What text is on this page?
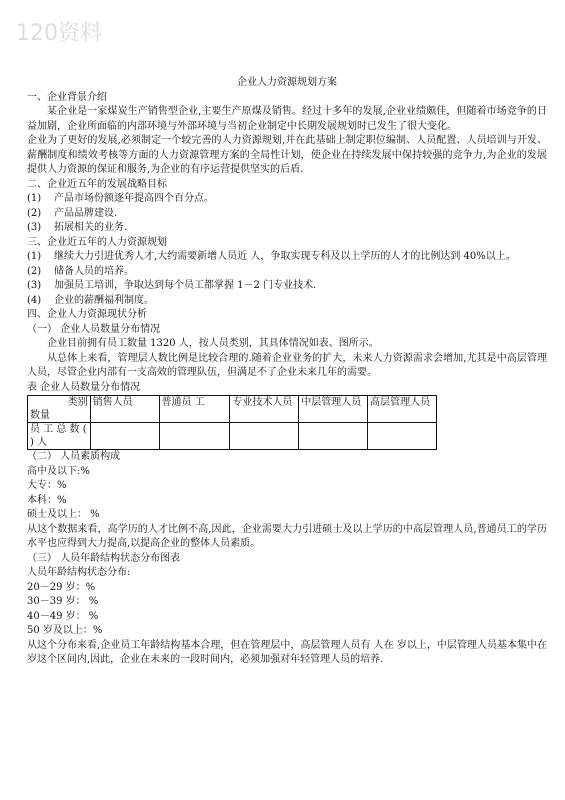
120资料
企业人力资源规划方案
一、企业背景介绍
某企业是一家煤炭生产销售型企业,主要生产原煤及销售。经过十多年的发展,企业业绩颇佳，但随着市场竞争的日益加剧，企业所面临的内部环境与外部环境与当初企业制定中长期发展规划时已发生了很大变化。
企业为了更好的发展,必须制定一个较完善的人力资源规划,并在此基础上制定职位编制、人员配置、人员培训与开发、薪酬制度和绩效考核等方面的人力资源管理方案的全局性计划，使企业在持续发展中保持较强的竞争力,为企业的发展提供人力资源的保证和服务,为企业的有序运营提供坚实的后盾.
二、企业近五年的发展战略目标
(1)	产品市场份额逐年提高四个百分点。
(2)	产品品牌建设.
(3)	拓展相关的业务.
三、企业近五年的人力资源规划
(1)	继续大力引进优秀人才,大约需要新增人员近 人，争取实现专科及以上学历的人才的比例达到 40%以上。
(2)	储备人员的培养。
(3)	加强员工培训，争取达到每个员工都掌握 1－2 门专业技术.
(4)	企业的薪酬福利制度。
四、企业人力资源现状分析
（一） 企业人员数量分布情况
企业目前拥有员工数量 1320 人，按人员类别，其具体情况如表、图所示。
从总体上来看，管理层人数比例是比较合理的.随着企业业务的扩大，未来人力资源需求会增加,尤其是中高层管理人员，尽管企业内部有一支高效的管理队伍，但满足不了企业未来几年的需要。
表 企业人员数量分布情况
类别
数量	销售人员	普通员 工	专业技术人员	中层管理人员	高层管理人员
员 工 总 数 ( ) 人					
（二） 人员素质构成
高中及以下:%
大专：%
本科：%
硕士及以上： %
从这个数据来看，高学历的人才比例不高,因此，企业需要大力引进硕士及以上学历的中高层管理人员,普通员工的学历水平也应得到大力提高,以提高企业的整体人员素质。
（三） 人员年龄结构状态分布图表
人员年龄结构状态分布:
20－29 岁：%
30－39 岁： %
40－49 岁： %
50 岁及以上：%
从这个分布来看,企业员工年龄结构基本合理，但在管理层中，高层管理人员有 人在 岁以上，中层管理人员基本集中在 岁这个区间内,因此，企业在未来的一段时间内，必须加强对年轻管理人员的培养.
